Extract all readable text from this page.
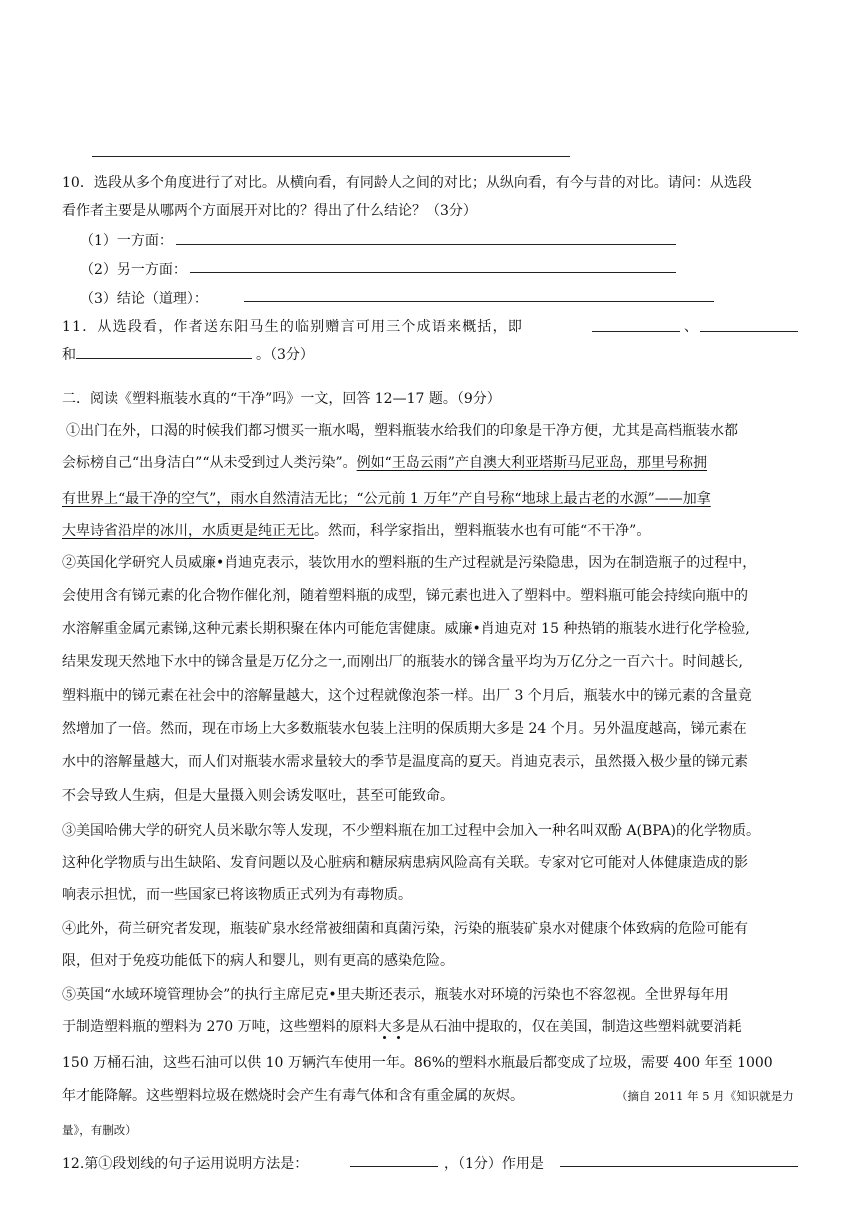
10．选段从多个角度进行了对比。从横向看，有同龄人之间的对比；从纵向看，有今与昔的对比。请问：从选段
看作者主要是从哪两个方面展开对比的？得出了什么结论？（3分）
（1）一方面：
（2）另一方面：
（3）结论（道理）：
11．从选段看，作者送东阳马生的临别赠言可用三个成语来概括，即	、
和	。（3分）
二．阅读《塑料瓶装水真的“干净”吗》一文，回答 12—17 题。（9分）
①出门在外，口渴的时候我们都习惯买一瓶水喝，塑料瓶装水给我们的印象是干净方便，尤其是高档瓶装水都
会标榜自己“出身洁白”“从未受到过人类污染”。例如“王岛云雨”产自澳大利亚塔斯马尼亚岛，那里号称拥
有世界上“最干净的空气”，雨水自然清洁无比；“公元前 1 万年”产自号称“地球上最古老的水源”——加拿
大卑诗省沿岸的冰川，水质更是纯正无比。然而，科学家指出，塑料瓶装水也有可能“不干净”。
②英国化学研究人员威廉•肖迪克表示，装饮用水的塑料瓶的生产过程就是污染隐患，因为在制造瓶子的过程中，
会使用含有锑元素的化合物作催化剂，随着塑料瓶的成型，锑元素也进入了塑料中。塑料瓶可能会持续向瓶中的
水溶解重金属元素锑,这种元素长期积聚在体内可能危害健康。威廉•肖迪克对 15 种热销的瓶装水进行化学检验,
结果发现天然地下水中的锑含量是万亿分之一,而刚出厂的瓶装水的锑含量平均为万亿分之一百六十。时间越长,
塑料瓶中的锑元素在社会中的溶解量越大，这个过程就像泡茶一样。出厂 3 个月后，瓶装水中的锑元素的含量竟
然增加了一倍。然而，现在市场上大多数瓶装水包装上注明的保质期大多是 24 个月。另外温度越高，锑元素在
水中的溶解量越大，而人们对瓶装水需求量较大的季节是温度高的夏天。肖迪克表示，虽然摄入极少量的锑元素
不会导致人生病，但是大量摄入则会诱发呕吐，甚至可能致命。
③美国哈佛大学的研究人员米歇尔等人发现，不少塑料瓶在加工过程中会加入一种名叫双酚 A(BPA)的化学物质。
这种化学物质与出生缺陷、发育问题以及心脏病和糖尿病患病风险高有关联。专家对它可能对人体健康造成的影
响表示担忧，而一些国家已将该物质正式列为有毒物质。
④此外，荷兰研究者发现，瓶装矿泉水经常被细菌和真菌污染，污染的瓶装矿泉水对健康个体致病的危险可能有
限，但对于免疫功能低下的病人和婴儿，则有更高的感染危险。
⑤英国“水域环境管理协会”的执行主席尼克•里夫斯还表示，瓶装水对环境的污染也不容忽视。全世界每年用
于制造塑料瓶的塑料为 270 万吨，这些塑料的原料大多是从石油中提取的，仅在美国，制造这些塑料就要消耗
150 万桶石油，这些石油可以供 10 万辆汽车使用一年。86%的塑料水瓶最后都变成了垃圾，需要 400 年至 1000
年才能降解。这些塑料垃圾在燃烧时会产生有毒气体和含有重金属的灰烬。	（摘自 2011 年 5 月《知识就是力
量》，有删改）
12.第①段划线的句子运用说明方法是：	，（1分）作用是
